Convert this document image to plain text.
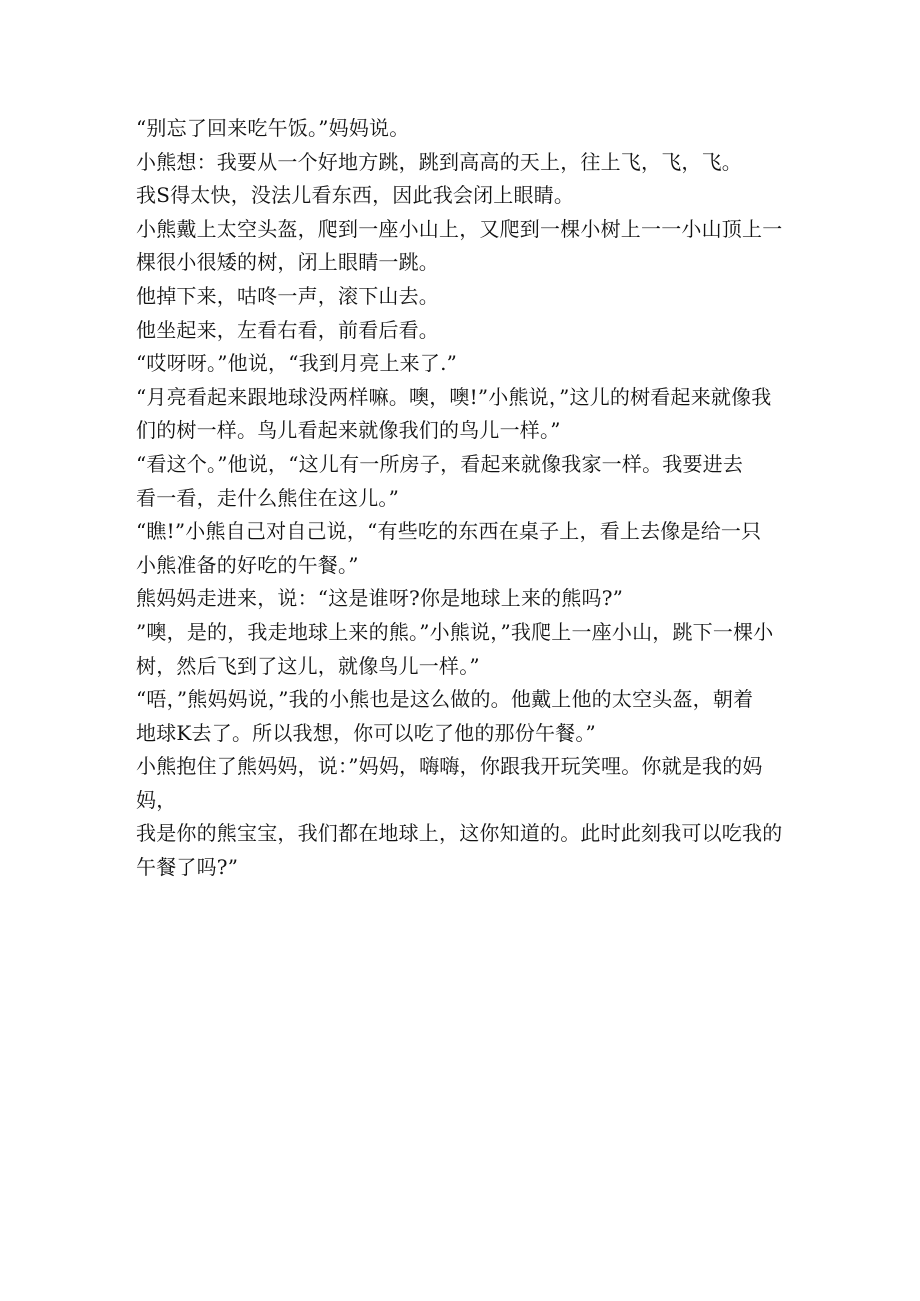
“别忘了回来吃午饭。”妈妈说。

小熊想：我要从一个好地方跳，跳到高高的天上，往上飞，飞，飞。

我S得太快，没法儿看东西，因此我会闭上眼睛。

小熊戴上太空头盔，爬到一座小山上，又爬到一棵小树上一一小山顶上一

棵很小很矮的树，闭上眼睛一跳。

他掉下来，咕咚一声，滚下山去。

他坐起来，左看右看，前看后看。

“哎呀呀。”他说，“我到月亮上来了.”

“月亮看起来跟地球没两样嘛。噢，噢!”小熊说，”这儿的树看起来就像我

们的树一样。鸟儿看起来就像我们的鸟儿一样。”

“看这个。”他说，“这儿有一所房子，看起来就像我家一样。我要进去

看一看，走什么熊住在这儿。”

“瞧!”小熊自己对自己说，“有些吃的东西在桌子上，看上去像是给一只

小熊准备的好吃的午餐。”

熊妈妈走进来，说：“这是谁呀?你是地球上来的熊吗?”

”噢，是的，我走地球上来的熊。”小熊说，”我爬上一座小山，跳下一棵小

树，然后飞到了这儿，就像鸟儿一样。”

“唔，”熊妈妈说，”我的小熊也是这么做的。他戴上他的太空头盔，朝着

地球K去了。所以我想，你可以吃了他的那份午餐。”

小熊抱住了熊妈妈，说：”妈妈，嗨嗨，你跟我开玩笑哩。你就是我的妈妈，

我是你的熊宝宝，我们都在地球上，这你知道的。此时此刻我可以吃我的

午餐了吗?”
